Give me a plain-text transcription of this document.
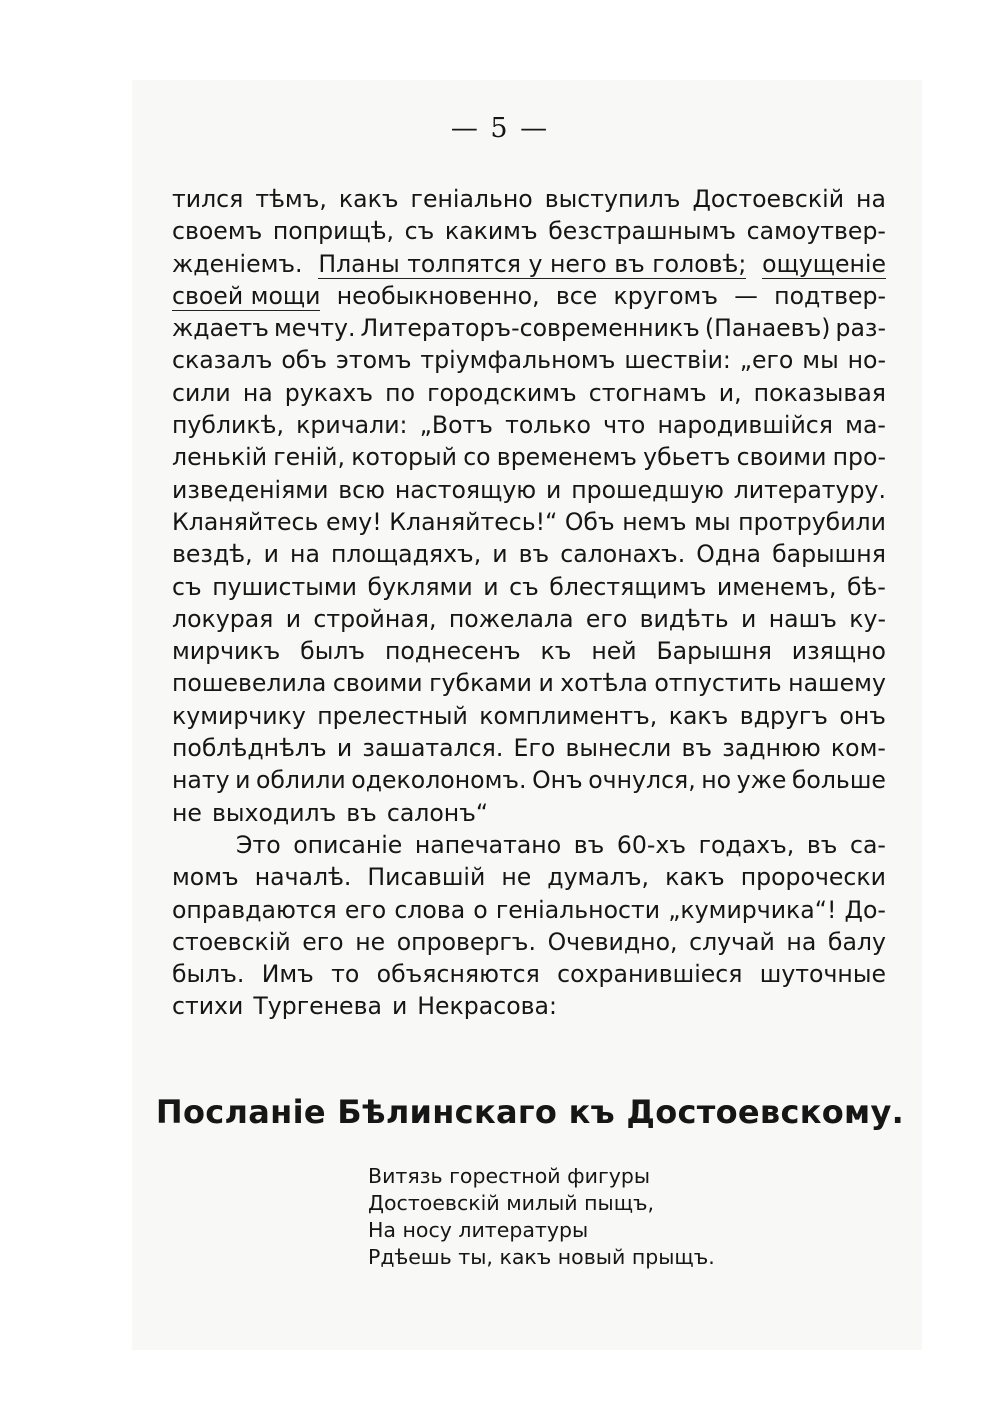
— 5 —
тился тѣмъ, какъ геніально выступилъ Достоевскій на
своемъ поприщѣ, съ какимъ безстрашнымъ самоутвер-
жденіемъ. Планы толпятся у него въ головѣ; ощущеніе
своей мощи необыкновенно, все кругомъ — подтвер-
ждаетъ мечту. Литераторъ-современникъ (Панаевъ) раз-
сказалъ объ этомъ тріумфальномъ шествіи: „его мы но-
сили на рукахъ по городскимъ стогнамъ и, показывая
публикѣ, кричали: „Вотъ только что народившійся ма-
ленькій геній, который со временемъ убьетъ своими про-
изведеніями всю настоящую и прошедшую литературу.
Кланяйтесь ему! Кланяйтесь!“ Объ немъ мы протрубили
вездѣ, и на площадяхъ, и въ салонахъ. Одна барышня
съ пушистыми буклями и съ блестящимъ именемъ, бѣ-
локурая и стройная, пожелала его видѣть и нашъ ку-
мирчикъ былъ поднесенъ къ ней Барышня изящно
пошевелила своими губками и хотѣла отпустить нашему
кумирчику прелестный комплиментъ, какъ вдругъ онъ
поблѣднѣлъ и зашатался. Его вынесли въ заднюю ком-
нату и облили одеколономъ. Онъ очнулся, но уже больше
не выходилъ въ салонъ“
Это описаніе напечатано въ 60-хъ годахъ, въ са-
момъ началѣ. Писавшій не думалъ, какъ пророчески
оправдаются его слова о геніальности „кумирчика“! До-
стоевскій его не опровергъ. Очевидно, случай на балу
былъ. Имъ то объясняются сохранившіеся шуточные
стихи Тургенева и Некрасова:
Посланіе Бѣлинскаго къ Достоевскому.
Витязь горестной фигуры
Достоевскій милый пыщъ,
На носу литературы
Рдѣешь ты, какъ новый прыщъ.
